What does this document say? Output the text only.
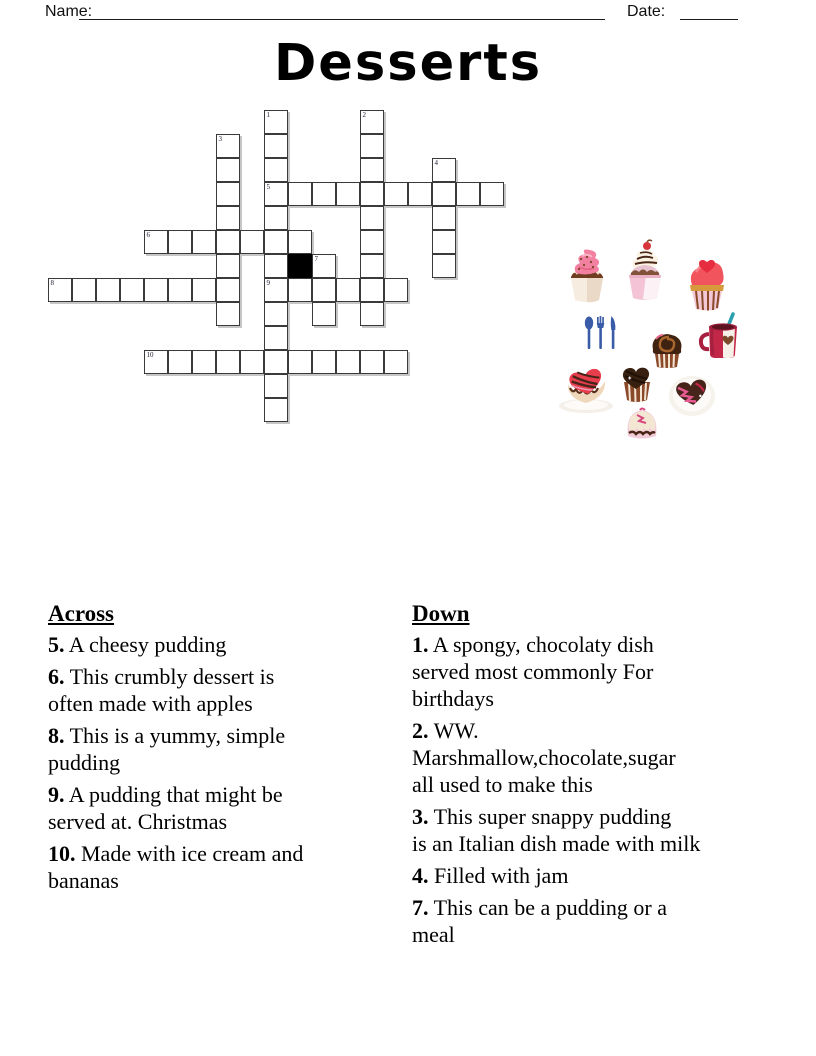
Name:	Date:
Desserts
1	2
3
4
5
6
7
8	9
10
Across

5. A cheesy pudding

6. This crumbly dessert is
often made with apples

8. This is a yummy, simple
pudding

9. A pudding that might be
served at. Christmas

10. Made with ice cream and
bananas

Down

1. A spongy, chocolaty dish
served most commonly For
birthdays

2. WW.
Marshmallow,chocolate,sugar
all used to make this

3. This super snappy pudding
is an Italian dish made with milk

4. Filled with jam

7. This can be a pudding or a
meal
